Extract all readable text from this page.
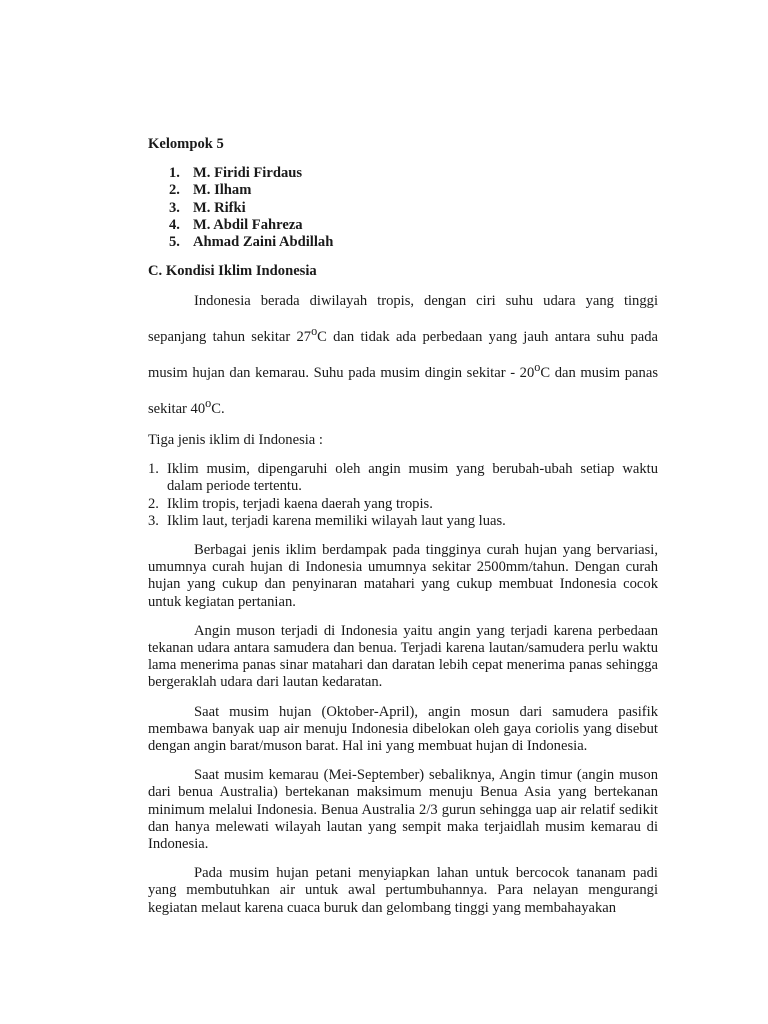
Kelompok 5
1. M. Firidi Firdaus
2. M. Ilham
3. M. Rifki
4. M. Abdil Fahreza
5. Ahmad Zaini Abdillah
C. Kondisi Iklim Indonesia

Indonesia berada diwilayah tropis, dengan ciri suhu udara yang tinggi sepanjang tahun sekitar 27$^o$C dan tidak ada perbedaan yang jauh antara suhu pada musim hujan dan kemarau. Suhu pada musim dingin sekitar - 20$^o$C dan musim panas sekitar 40$^o$C.

Tiga jenis iklim di Indonesia :

1. Iklim musim, dipengaruhi oleh angin musim yang berubah-ubah setiap waktu dalam periode tertentu.
2. Iklim tropis, terjadi kaena daerah yang tropis.
3. Iklim laut, terjadi karena memiliki wilayah laut yang luas.

Berbagai jenis iklim berdampak pada tingginya curah hujan yang bervariasi, umumnya curah hujan di Indonesia umumnya sekitar 2500mm/tahun. Dengan curah hujan yang cukup dan penyinaran matahari yang cukup membuat Indonesia cocok untuk kegiatan pertanian.

Angin muson terjadi di Indonesia yaitu angin yang terjadi karena perbedaan tekanan udara antara samudera dan benua. Terjadi karena lautan/samudera perlu waktu lama menerima panas sinar matahari dan daratan lebih cepat menerima panas sehingga bergeraklah udara dari lautan kedaratan.

Saat musim hujan (Oktober-April), angin mosun dari samudera pasifik membawa banyak uap air menuju Indonesia dibelokan oleh gaya coriolis yang disebut dengan angin barat/muson barat. Hal ini yang membuat hujan di Indonesia.

Saat musim kemarau (Mei-September) sebaliknya, Angin timur (angin muson dari benua Australia) bertekanan maksimum menuju Benua Asia yang bertekanan minimum melalui Indonesia. Benua Australia 2/3 gurun sehingga uap air relatif sedikit dan hanya melewati wilayah lautan yang sempit maka terjaidlah musim kemarau di Indonesia.

Pada musim hujan petani menyiapkan lahan untuk bercocok tananam padi yang membutuhkan air untuk awal pertumbuhannya. Para nelayan mengurangi kegiatan melaut karena cuaca buruk dan gelombang tinggi yang membahayakan
